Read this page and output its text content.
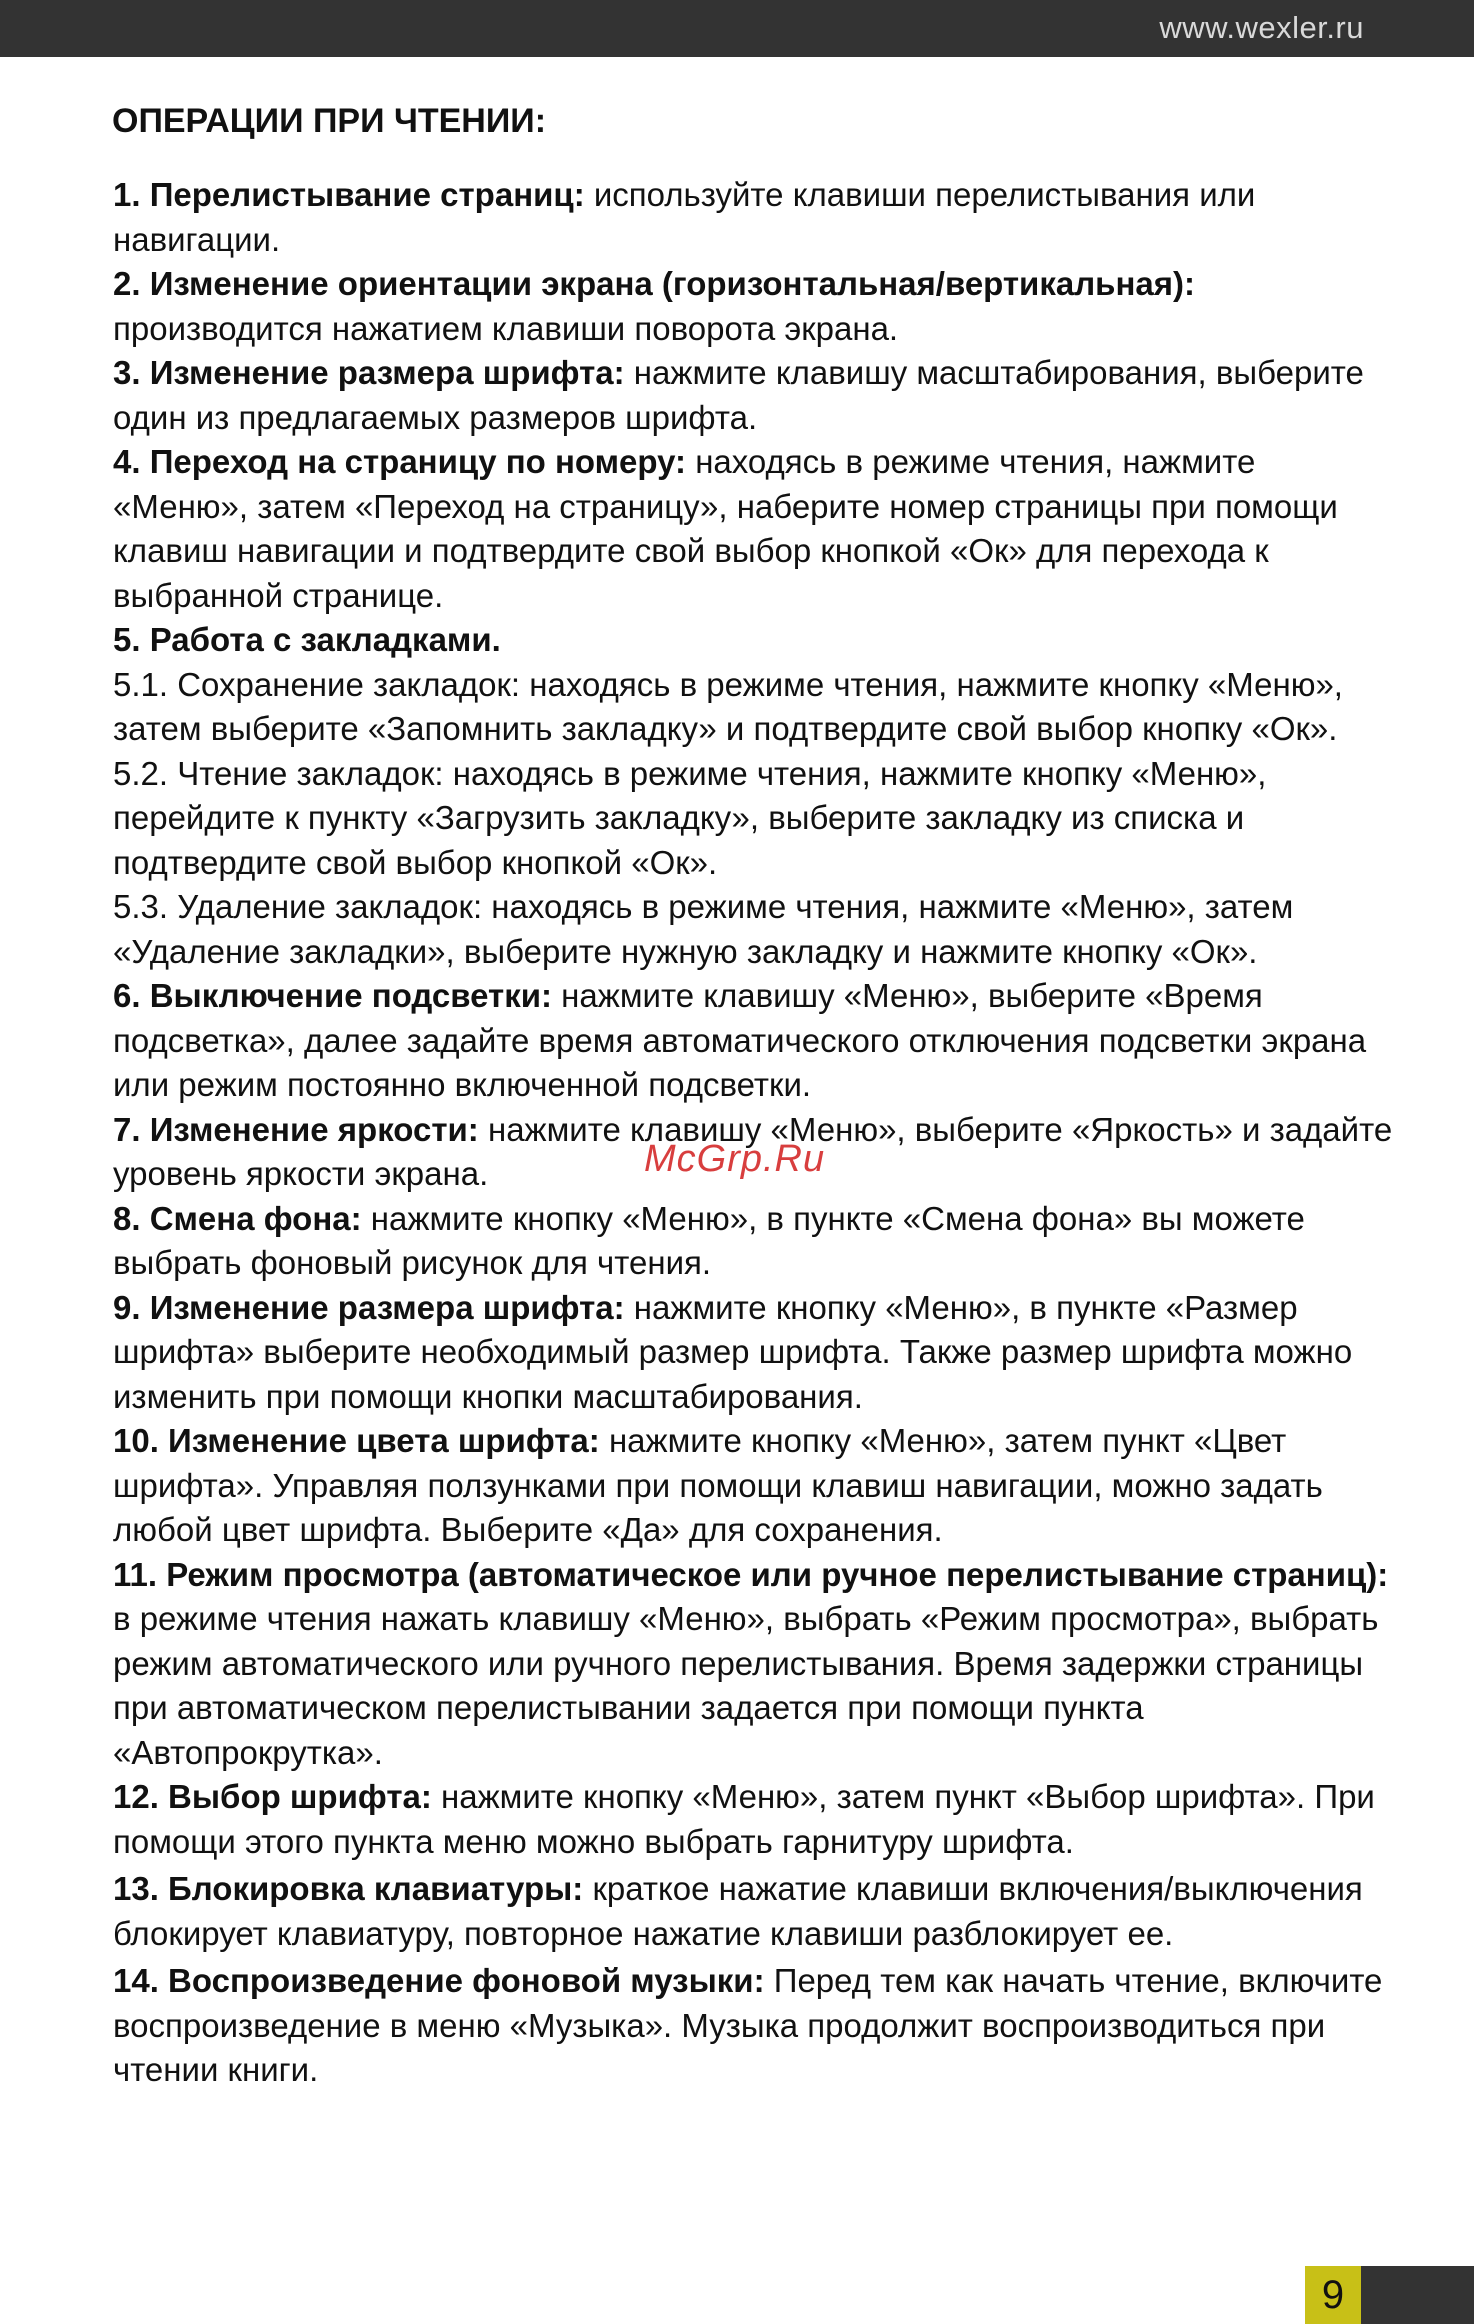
www.wexler.ru
ОПЕРАЦИИ ПРИ ЧТЕНИИ:

1. Перелистывание страниц: используйте клавиши перелистывания или навигации.

2. Изменение ориентации экрана (горизонтальная/вертикальная): производится нажатием клавиши поворота экрана.

3. Изменение размера шрифта: нажмите клавишу масштабирования, выберите один из предлагаемых размеров шрифта.

4. Переход на страницу по номеру: находясь в режиме чтения, нажмите «Меню», затем «Переход на страницу», наберите номер страницы при помощи клавиш навигации и подтвердите свой выбор кнопкой «Ок» для перехода к выбранной странице.

5. Работа с закладками.

5.1. Сохранение закладок: находясь в режиме чтения, нажмите кнопку «Меню», затем выберите «Запомнить закладку» и подтвердите свой выбор кнопку «Ок».

5.2. Чтение закладок: находясь в режиме чтения, нажмите кнопку «Меню», перейдите к пункту «Загрузить закладку», выберите закладку из списка и подтвердите свой выбор кнопкой «Ок».

5.3. Удаление закладок: находясь в режиме чтения, нажмите «Меню», затем «Удаление закладки», выберите нужную закладку и нажмите кнопку «Ок».

6. Выключение подсветки: нажмите клавишу «Меню», выберите «Время подсветка», далее задайте время автоматического отключения подсветки экрана или режим постоянно включенной подсветки.

7. Изменение яркости: нажмите клавишу «Меню», выберите «Яркость» и задайте уровень яркости экрана.

8. Смена фона: нажмите кнопку «Меню», в пункте «Смена фона» вы можете выбрать фоновый рисунок для чтения.

9. Изменение размера шрифта: нажмите кнопку «Меню», в пункте «Размер шрифта» выберите необходимый размер шрифта. Также размер шрифта можно изменить при помощи кнопки масштабирования.

10. Изменение цвета шрифта: нажмите кнопку «Меню», затем пункт «Цвет шрифта». Управляя ползунками при помощи клавиш навигации, можно задать любой цвет шрифта. Выберите «Да» для сохранения.

11. Режим просмотра (автоматическое или ручное перелистывание страниц): в режиме чтения нажать клавишу «Меню», выбрать «Режим просмотра», выбрать режим автоматического или ручного перелистывания. Время задержки страницы при автоматическом перелистывании задается при помощи пункта «Автопрокрутка».

12. Выбор шрифта: нажмите кнопку «Меню», затем пункт «Выбор шрифта». При помощи этого пункта меню можно выбрать гарнитуру шрифта.

13. Блокировка клавиатуры: краткое нажатие клавиши включения/выключения блокирует клавиатуру, повторное нажатие клавиши разблокирует ее.

14. Воспроизведение фоновой музыки: Перед тем как начать чтение, включите воспроизведение в меню «Музыка». Музыка продолжит воспроизводиться при чтении книги.

McGrp.Ru
9
